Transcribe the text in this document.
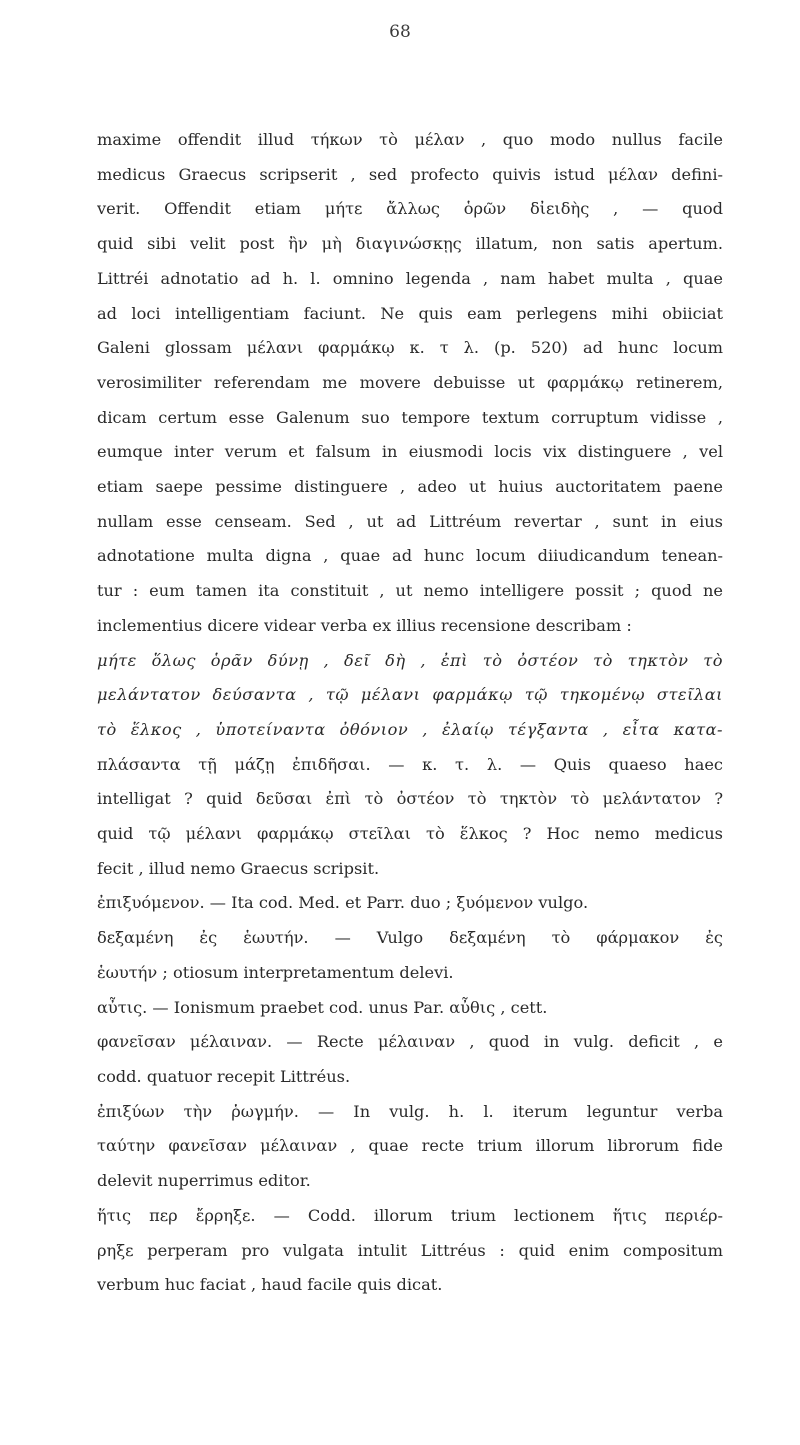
68

maxime offendit illud τήκων τὸ μέλαν , quo modo nullus facile
medicus Graecus scripserit , sed profecto quivis istud μέλαν defini-
verit. Offendit etiam μήτε ἄλλως ὁρῶν δἰειδὴς , — quod
quid sibi velit post ἢν μὴ διαγινώσκῃς illatum, non satis apertum.
Littréi adnotatio ad h. l. omnino legenda , nam habet multa , quae
ad loci intelligentiam faciunt. Ne quis eam perlegens mihi obiiciat
Galeni glossam μέλανι φαρμάκῳ κ. τ λ. (p. 520) ad hunc locum
verosimiliter referendam me movere debuisse ut φαρμάκῳ retinerem,
dicam certum esse Galenum suo tempore textum corruptum vidisse ,
eumque inter verum et falsum in eiusmodi locis vix distinguere , vel
etiam saepe pessime distinguere , adeo ut huius auctoritatem paene
nullam esse censeam. Sed , ut ad Littréum revertar , sunt in eius
adnotatione multa digna , quae ad hunc locum diiudicandum tenean-
tur : eum tamen ita constituit , ut nemo intelligere possit ; quod ne
inclementius dicere videar verba ex illius recensione describam :
μήτε ὅλως ὁρᾶν δύνῃ , δεῖ δὴ , ἐπὶ τὸ ὀστέον τὸ τηκτὸν τὸ
μελάντατον δεύσαντα , τῷ μέλανι φαρμάκῳ τῷ τηκομένῳ στεῖλαι
τὸ ἕλκος , ὑποτείναντα ὀθόνιον , ἐλαίῳ τέγξαντα , εἶτα κατα-
πλάσαντα τῇ μάζῃ ἐπιδῆσαι. — κ. τ. λ. — Quis quaeso haec
intelligat ? quid δεῦσαι ἐπὶ τὸ ὀστέον τὸ τηκτὸν τὸ μελάντατον ?
quid τῷ μέλανι φαρμάκῳ στεῖλαι τὸ ἕλκος ? Hoc nemo medicus
fecit , illud nemo Graecus scripsit.
ἐπιξυόμενον. — Ita cod. Med. et Parr. duo ; ξυόμενον vulgo.
δεξαμένη ἐς ἑωυτήν. — Vulgo δεξαμένη τὸ φάρμακον ἐς
ἑωυτήν ; otiosum interpretamentum delevi.
αὖτις. — Ionismum praebet cod. unus Par. αὖθις , cett.
φανεῖσαν μέλαιναν. — Recte μέλαιναν , quod in vulg. deficit , e
codd. quatuor recepit Littréus.
ἐπιξύων τὴν ῥωγμήν. — In vulg. h. l. iterum leguntur verba
ταύτην φανεῖσαν μέλαιναν , quae recte trium illorum librorum fide
delevit nuperrimus editor.
ἥτις περ ἔρρηξε. — Codd. illorum trium lectionem ἥτις περιέρ-
ρηξε perperam pro vulgata intulit Littréus : quid enim compositum
verbum huc faciat , haud facile quis dicat.
